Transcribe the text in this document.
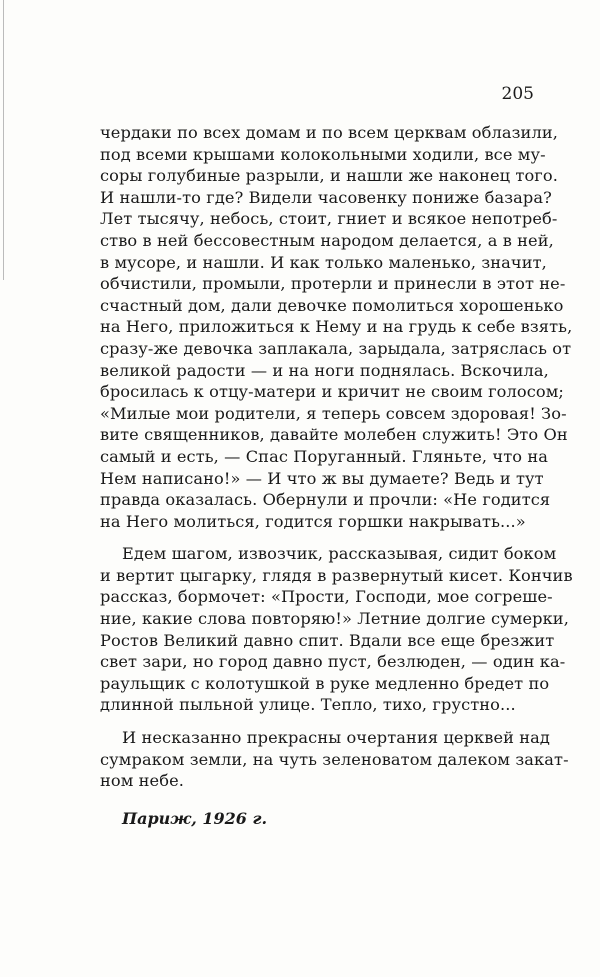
205
чердаки по всех домам и по всем церквам облазили,
под всеми крышами колокольными ходили, все му-
соры голубиные разрыли, и нашли же наконец того.
И нашли-то где? Видели часовенку пониже базара?
Лет тысячу, небось, стоит, гниет и всякое непотреб-
ство в ней бессовестным народом делается, а в ней,
в мусоре, и нашли. И как только маленько, значит,
обчистили, промыли, протерли и принесли в этот не-
счастный дом, дали девочке помолиться хорошенько
на Него, приложиться к Нему и на грудь к себе взять,
сразу-же девочка заплакала, зарыдала, затряслась от
великой радости — и на ноги поднялась. Вскочила,
бросилась к отцу-матери и кричит не своим голосом;
«Милые мои родители, я теперь совсем здоровая! Зо-
вите священников, давайте молебен служить! Это Он
самый и есть, — Спас Поруганный. Гляньте, что на
Нем написано!» — И что ж вы думаете? Ведь и тут
правда оказалась. Обернули и прочли: «Не годится
на Него молиться, годится горшки накрывать...»
Едем шагом, извозчик, рассказывая, сидит боком
и вертит цыгарку, глядя в развернутый кисет. Кончив
рассказ, бормочет: «Прости, Господи, мое согреше-
ние, какие слова повторяю!» Летние долгие сумерки,
Ростов Великий давно спит. Вдали все еще брезжит
свет зари, но город давно пуст, безлюден, — один ка-
раульщик с колотушкой в руке медленно бредет по
длинной пыльной улице. Тепло, тихо, грустно...
И несказанно прекрасны очертания церквей над
сумраком земли, на чуть зеленоватом далеком закат-
ном небе.
Париж, 1926 г.
